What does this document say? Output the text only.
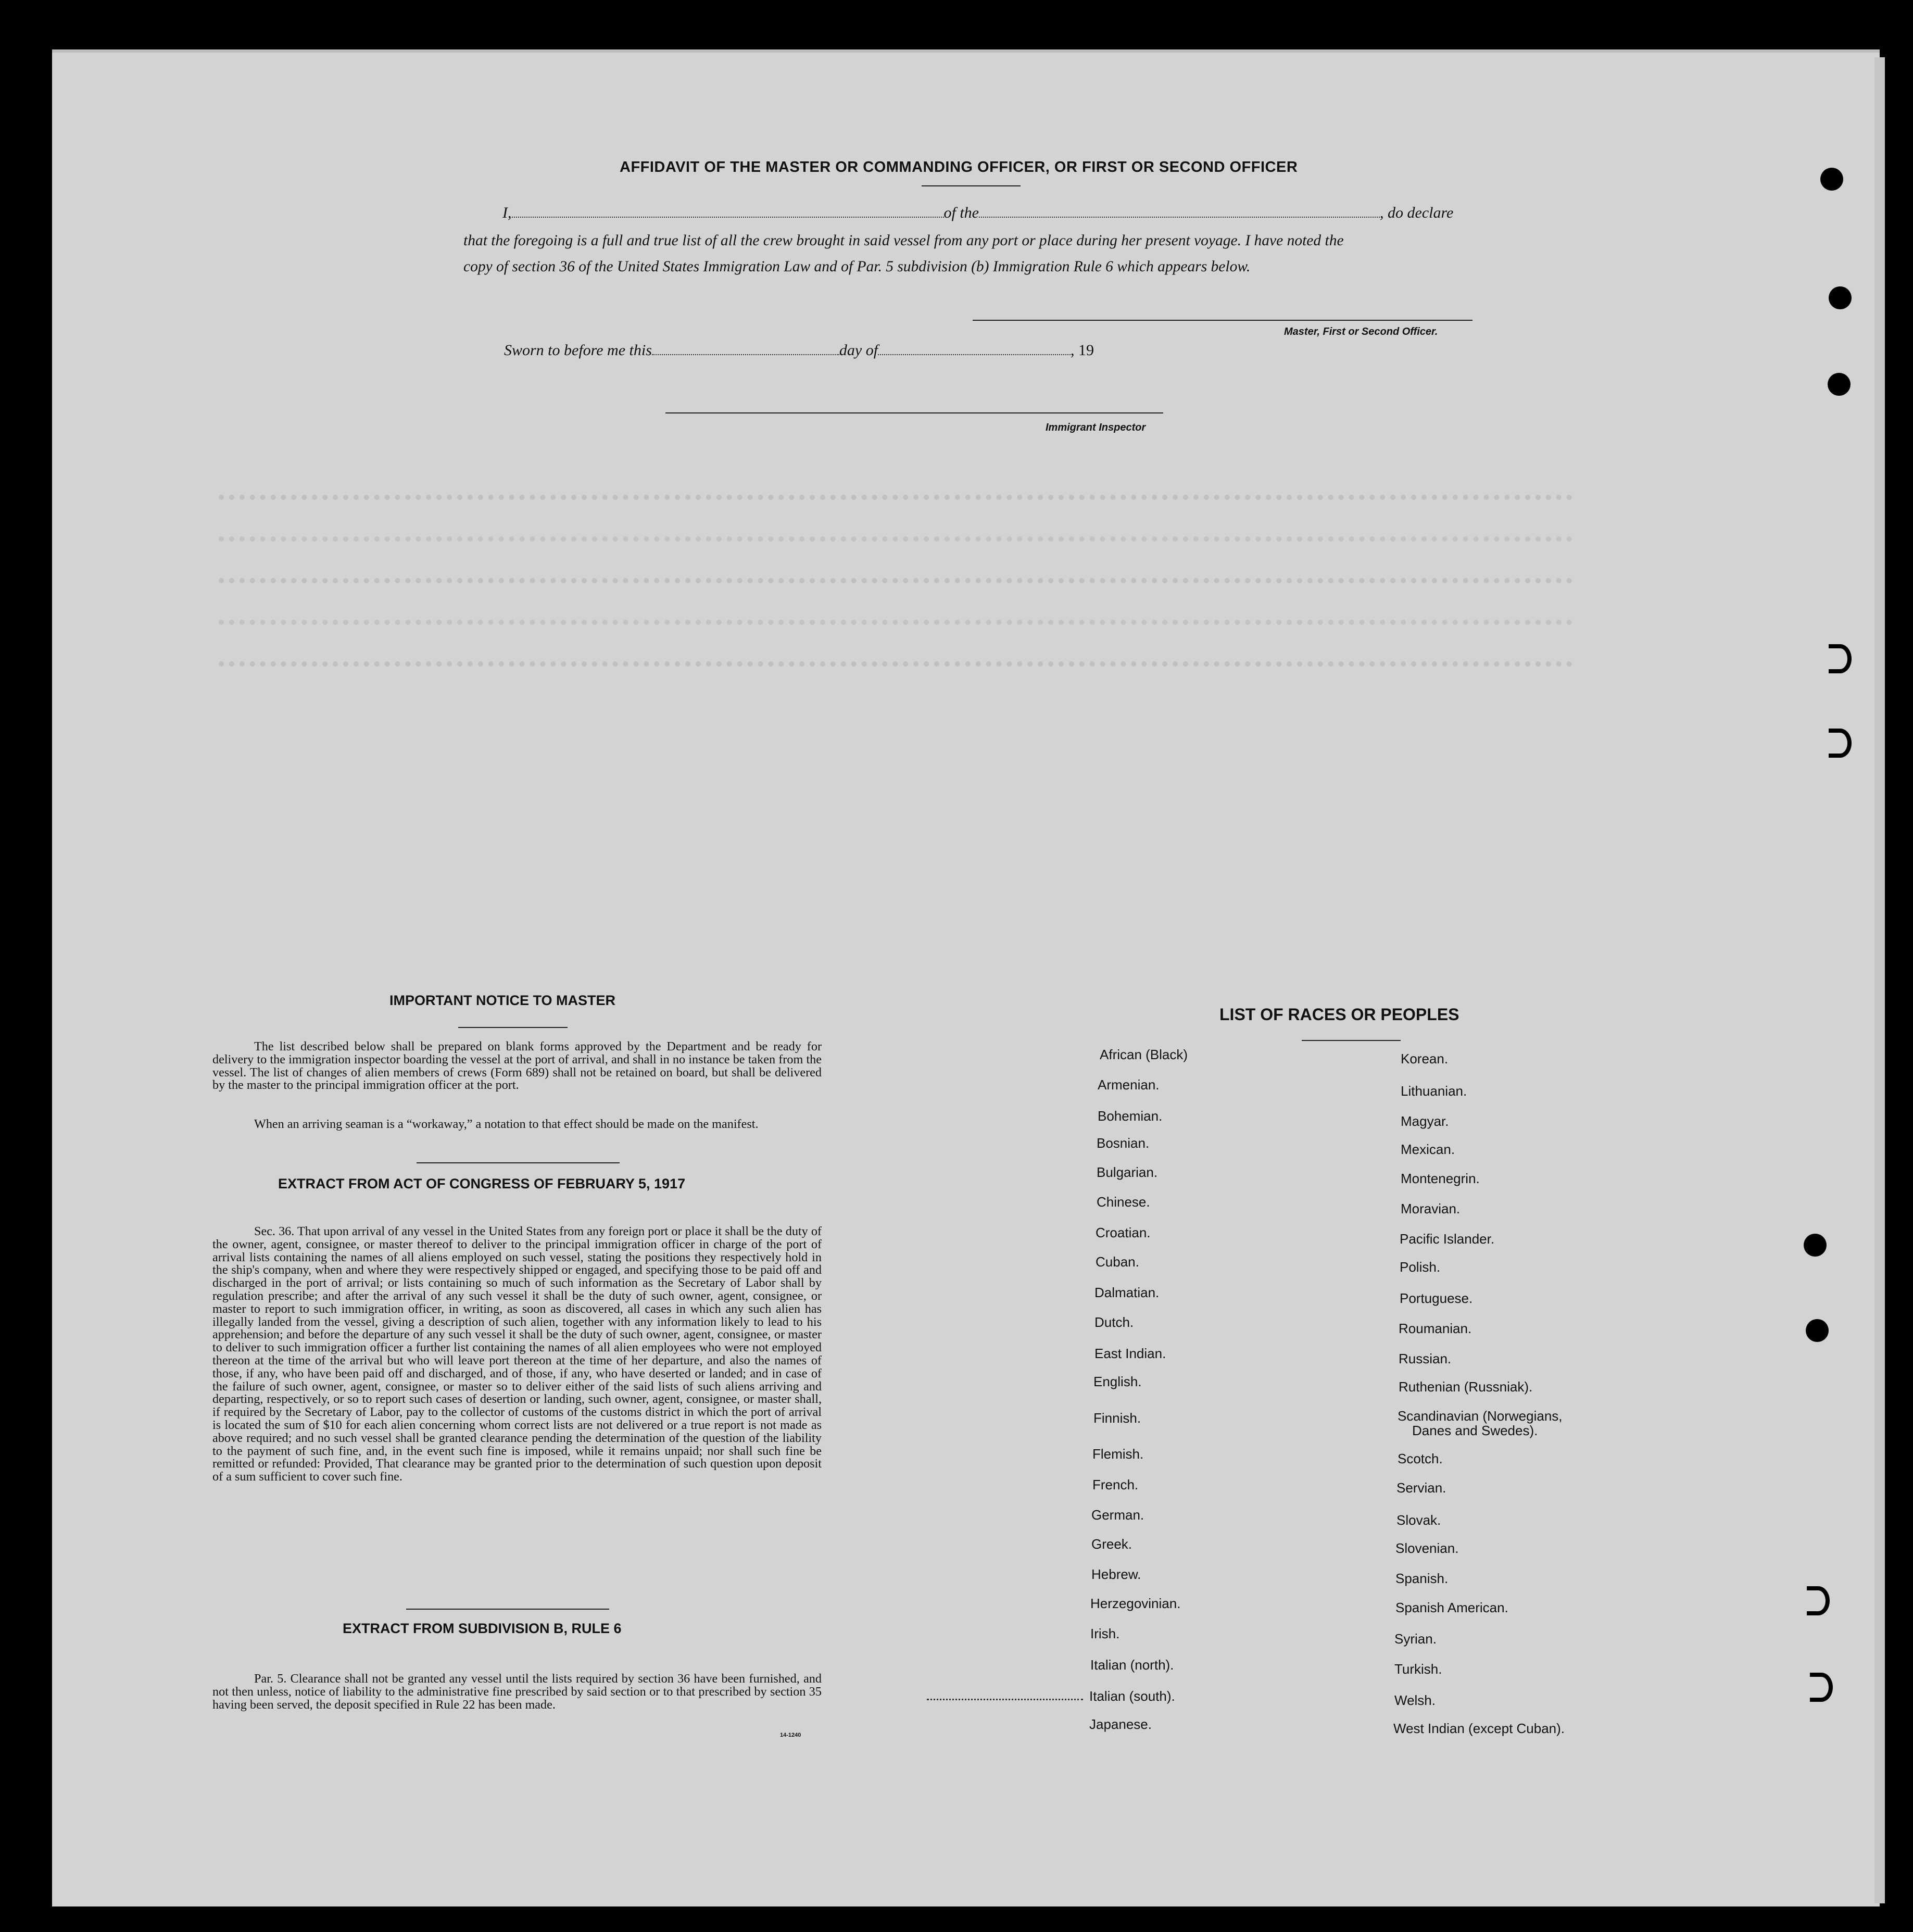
AFFIDAVIT OF THE MASTER OR COMMANDING OFFICER, OR FIRST OR SECOND OFFICER
I,	of the	, do declare
that the foregoing is a full and true list of all the crew brought in said vessel from any port or place during her present voyage. I have noted the
copy of section 36 of the United States Immigration Law and of Par. 5 subdivision (b) Immigration Rule 6 which appears below.
Master, First or Second Officer.
Sworn to before me this	day of	, 19
Immigrant Inspector
IMPORTANT NOTICE TO MASTER
The list described below shall be prepared on blank forms approved by the Department and be ready for delivery to the immigration inspector boarding the vessel at the port of arrival, and shall in no instance be taken from the vessel. The list of changes of alien members of crews (Form 689) shall not be retained on board, but shall be delivered by the master to the principal immigration officer at the port.
When an arriving seaman is a “workaway,” a notation to that effect should be made on the manifest.
EXTRACT FROM ACT OF CONGRESS OF FEBRUARY 5, 1917
Sec. 36. That upon arrival of any vessel in the United States from any foreign port or place it shall be the duty of the owner, agent, consignee, or master thereof to deliver to the principal immigration officer in charge of the port of arrival lists containing the names of all aliens employed on such vessel, stating the positions they respectively hold in the ship's company, when and where they were respectively shipped or engaged, and specifying those to be paid off and discharged in the port of arrival; or lists containing so much of such information as the Secretary of Labor shall by regulation prescribe; and after the arrival of any such vessel it shall be the duty of such owner, agent, consignee, or master to report to such immigration officer, in writing, as soon as discovered, all cases in which any such alien has illegally landed from the vessel, giving a description of such alien, together with any information likely to lead to his apprehension; and before the departure of any such vessel it shall be the duty of such owner, agent, consignee, or master to deliver to such immigration officer a further list containing the names of all alien employees who were not employed thereon at the time of the arrival but who will leave port thereon at the time of her departure, and also the names of those, if any, who have been paid off and discharged, and of those, if any, who have deserted or landed; and in case of the failure of such owner, agent, consignee, or master so to deliver either of the said lists of such aliens arriving and departing, respectively, or so to report such cases of desertion or landing, such owner, agent, consignee, or master shall, if required by the Secretary of Labor, pay to the collector of customs of the customs district in which the port of arrival is located the sum of $10 for each alien concerning whom correct lists are not delivered or a true report is not made as above required; and no such vessel shall be granted clearance pending the determination of the question of the liability to the payment of such fine, and, in the event such fine is imposed, while it remains unpaid; nor shall such fine be remitted or refunded: Provided, That clearance may be granted prior to the determination of such question upon deposit of a sum sufficient to cover such fine.
EXTRACT FROM SUBDIVISION B, RULE 6
Par. 5. Clearance shall not be granted any vessel until the lists required by section 36 have been furnished, and not then unless, notice of liability to the administrative fine prescribed by said section or to that prescribed by section 35 having been served, the deposit specified in Rule 22 has been made.
14-1240
LIST OF RACES OR PEOPLES
African (Black)
Armenian.
Bohemian.
Bosnian.
Bulgarian.
Chinese.
Croatian.
Cuban.
Dalmatian.
Dutch.
East Indian.
English.
Finnish.
Flemish.
French.
German.
Greek.
Hebrew.
Herzegovinian.
Irish.
Italian (north).
Italian (south).
Japanese.
Korean.
Lithuanian.
Magyar.
Mexican.
Montenegrin.
Moravian.
Pacific Islander.
Polish.
Portuguese.
Roumanian.
Russian.
Ruthenian (Russniak).
Scandinavian (Norwegians,
Danes and Swedes).
Scotch.
Servian.
Slovak.
Slovenian.
Spanish.
Spanish American.
Syrian.
Turkish.
Welsh.
West Indian (except Cuban).
